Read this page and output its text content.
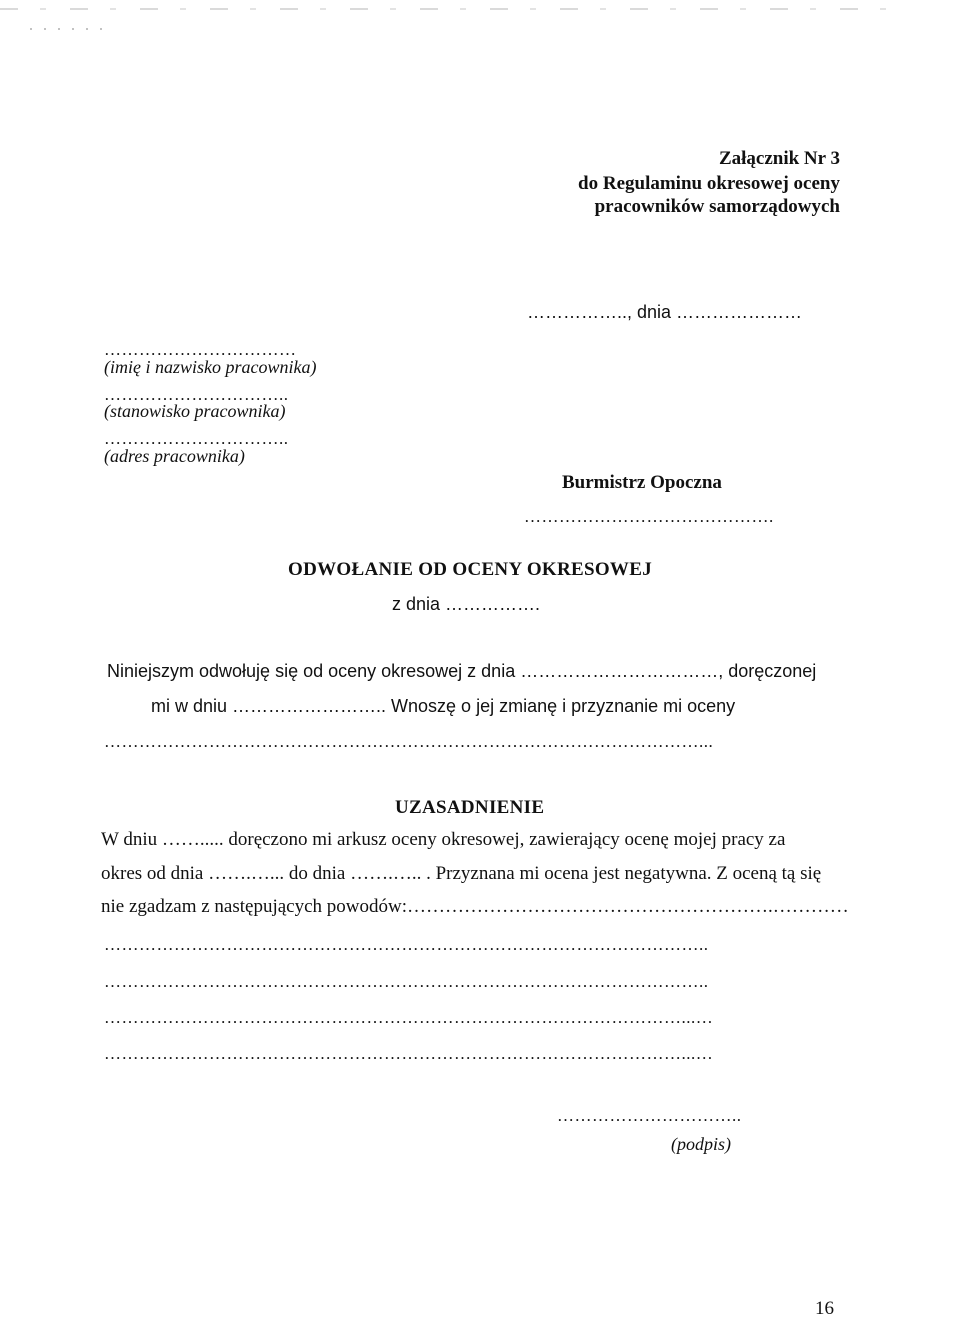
Załącznik Nr 3
do Regulaminu okresowej oceny
pracowników samorządowych
…………….., dnia …………………
……………………………
(imię i nazwisko pracownika)
…………………………..
(stanowisko pracownika)
…………………………..
(adres pracownika)
Burmistrz Opoczna
…………………………………….
ODWOŁANIE OD OCENY OKRESOWEJ
z dnia …………….
Niniejszym odwołuję się od oceny okresowej z dnia ……………………………, doręczonej
mi w dniu …………………….. Wnoszę o jej zmianę i przyznanie mi oceny
…………………………………………………………………………………………...
UZASADNIENIE
W dniu ……..... doręczono mi arkusz oceny okresowej, zawierający ocenę mojej pracy za
okres od dnia …….…... do dnia …….….. . Przyznana mi ocena jest negatywna. Z oceną tą się
nie zgadzam z następujących powodów:………………………………………………….…………
…………………………………………………………………………………………..
…………………………………………………………………………………………..
………………………………………………………………………………………...…
………………………………………………………………………………………...…
…………………………..
(podpis)
16
